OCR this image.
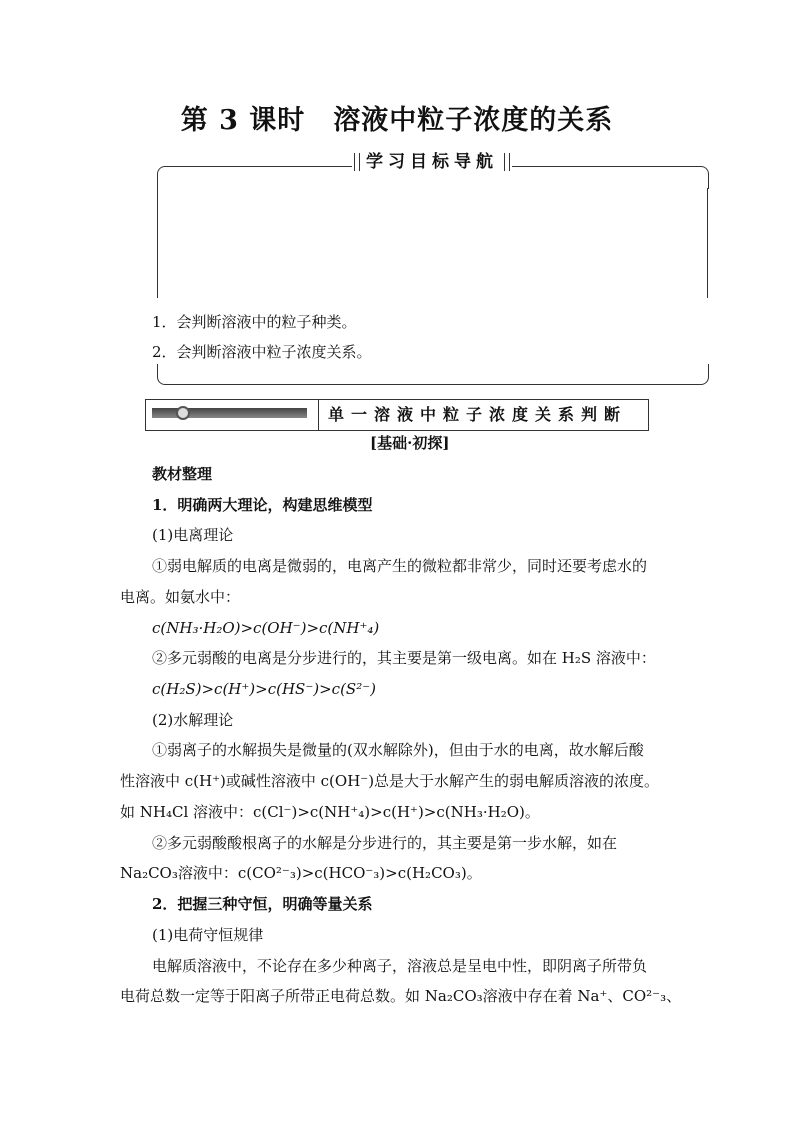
第 3 课时　溶液中粒子浓度的关系
学习目标导航
1．会判断溶液中的粒子种类。
2．会判断溶液中粒子浓度关系。
单一溶液中粒子浓度关系判断
[基础·初探]
教材整理
1．明确两大理论，构建思维模型
(1)电离理论
①弱电解质的电离是微弱的，电离产生的微粒都非常少，同时还要考虑水的
电离。如氨水中：
c(NH₃·H₂O)>c(OH⁻)>c(NH⁺₄)
②多元弱酸的电离是分步进行的，其主要是第一级电离。如在 H₂S 溶液中：
c(H₂S)>c(H⁺)>c(HS⁻)>c(S²⁻)
(2)水解理论
①弱离子的水解损失是微量的(双水解除外)，但由于水的电离，故水解后酸
性溶液中 c(H⁺)或碱性溶液中 c(OH⁻)总是大于水解产生的弱电解质溶液的浓度。
如 NH₄Cl 溶液中：c(Cl⁻)>c(NH⁺₄)>c(H⁺)>c(NH₃·H₂O)。
②多元弱酸酸根离子的水解是分步进行的，其主要是第一步水解，如在
Na₂CO₃溶液中：c(CO²⁻₃)>c(HCO⁻₃)>c(H₂CO₃)。
2．把握三种守恒，明确等量关系
(1)电荷守恒规律
电解质溶液中，不论存在多少种离子，溶液总是呈电中性，即阴离子所带负
电荷总数一定等于阳离子所带正电荷总数。如 Na₂CO₃溶液中存在着 Na⁺、CO²⁻₃、
